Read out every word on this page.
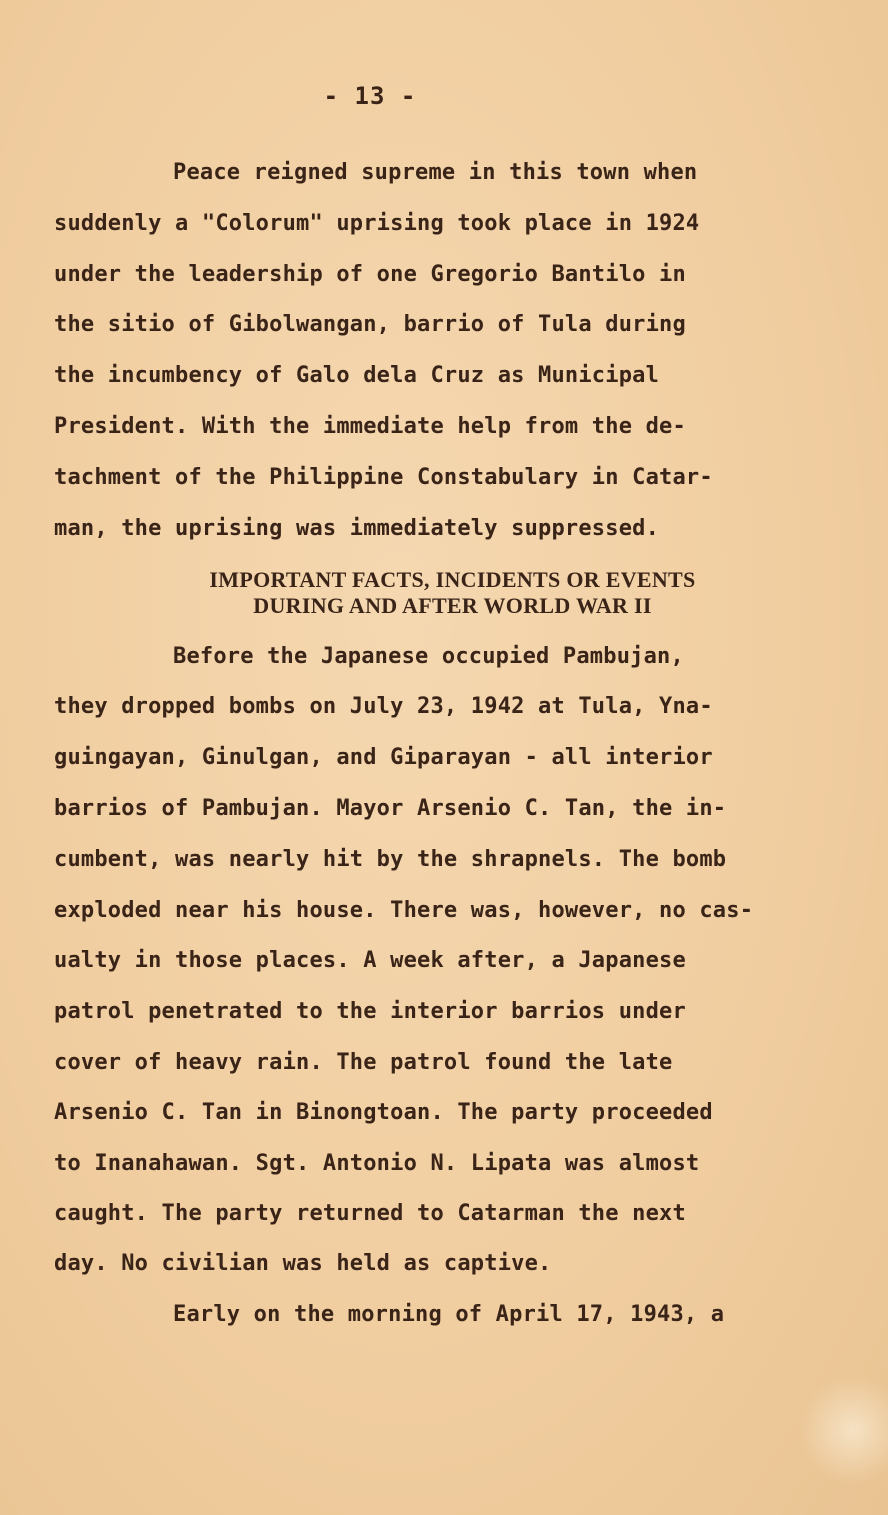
- 13 -
Peace reigned supreme in this town when
suddenly a "Colorum" uprising took place in 1924
under the leadership of one Gregorio Bantilo in
the sitio of Gibolwangan, barrio of Tula during
the incumbency of Galo dela Cruz as Municipal
President. With the immediate help from the de-
tachment of the Philippine Constabulary in Catar-
man, the uprising was immediately suppressed.
IMPORTANT FACTS, INCIDENTS OR EVENTS
DURING AND AFTER WORLD WAR II
Before the Japanese occupied Pambujan,
they dropped bombs on July 23, 1942 at Tula, Yna-
guingayan, Ginulgan, and Giparayan - all interior
barrios of Pambujan. Mayor Arsenio C. Tan, the in-
cumbent, was nearly hit by the shrapnels. The bomb
exploded near his house. There was, however, no cas-
ualty in those places. A week after, a Japanese
patrol penetrated to the interior barrios under
cover of heavy rain. The patrol found the late
Arsenio C. Tan in Binongtoan. The party proceeded
to Inanahawan. Sgt. Antonio N. Lipata was almost
caught. The party returned to Catarman the next
day. No civilian was held as captive.
Early on the morning of April 17, 1943, a
